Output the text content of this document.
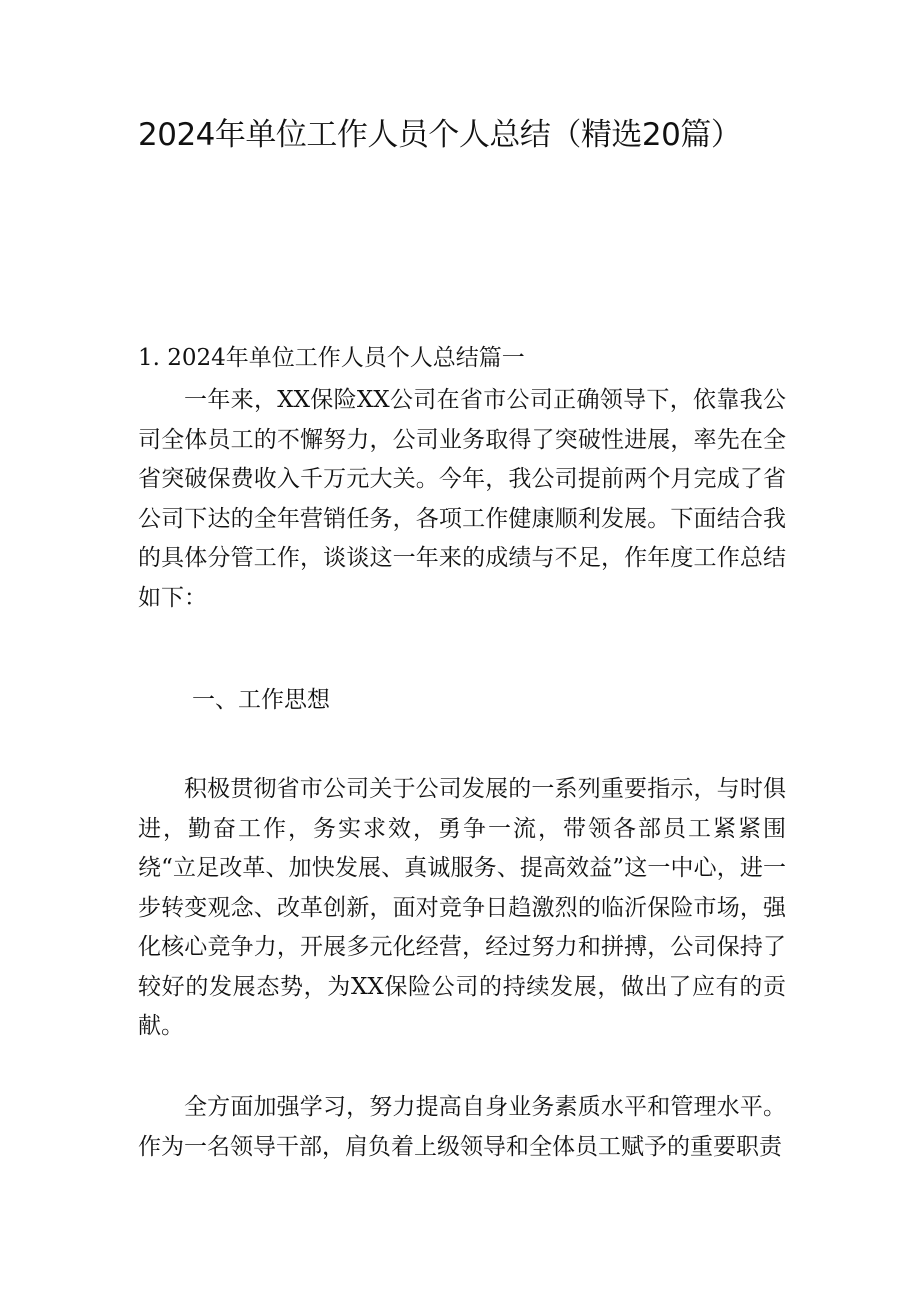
2024年单位工作人员个人总结（精选20篇）
1. 2024年单位工作人员个人总结篇一

一年来，XX保险XX公司在省市公司正确领导下，依靠我公司全体员工的不懈努力，公司业务取得了突破性进展，率先在全省突破保费收入千万元大关。今年，我公司提前两个月完成了省公司下达的全年营销任务，各项工作健康顺利发展。下面结合我的具体分管工作，谈谈这一年来的成绩与不足，作年度工作总结如下：

一、工作思想

积极贯彻省市公司关于公司发展的一系列重要指示，与时俱进，勤奋工作，务实求效，勇争一流，带领各部员工紧紧围绕“立足改革、加快发展、真诚服务、提高效益”这一中心，进一步转变观念、改革创新，面对竞争日趋激烈的临沂保险市场，强化核心竞争力，开展多元化经营，经过努力和拼搏，公司保持了较好的发展态势，为XX保险公司的持续发展，做出了应有的贡献。

全方面加强学习，努力提高自身业务素质水平和管理水平。作为一名领导干部，肩负着上级领导和全体员工赋予的重要职责
